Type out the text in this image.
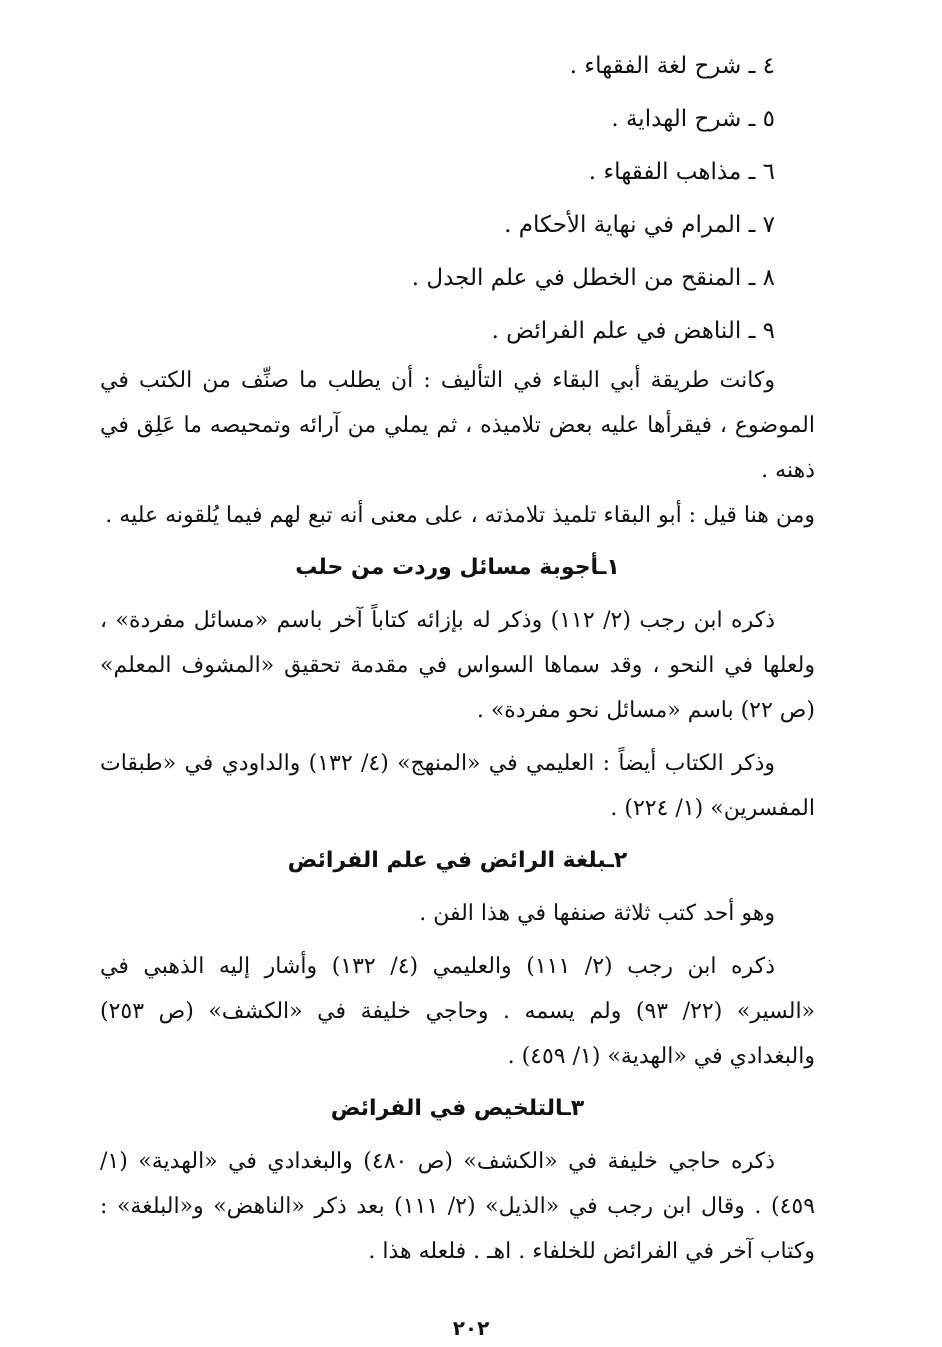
٤ ـ شرح لغة الفقهاء .
٥ ـ شرح الهداية .
٦ ـ مذاهب الفقهاء .
٧ ـ المرام في نهاية الأحكام .
٨ ـ المنقح من الخطل في علم الجدل .
٩ ـ الناهض في علم الفرائض .

وكانت طريقة أبي البقاء في التأليف : أن يطلب ما صنِّف من الكتب في الموضوع ، فيقرأها عليه بعض تلاميذه ، ثم يملي من آرائه وتمحيصه ما عَلِق في ذهنه .

ومن هنا قيل : أبو البقاء تلميذ تلامذته ، على معنى أنه تبع لهم فيما يُلقونه عليه .

١ـأجوبة مسائل وردت من حلب

ذكره ابن رجب (٢/ ١١٢) وذكر له بإزائه كتاباً آخر باسم «مسائل مفردة» ، ولعلها في النحو ، وقد سماها السواس في مقدمة تحقيق «المشوف المعلم» (ص ٢٢) باسم «مسائل نحو مفردة» .

وذكر الكتاب أيضاً : العليمي في «المنهج» (٤/ ١٣٢) والداودي في «طبقات المفسرين» (١/ ٢٢٤) .

٢ـبلغة الرائض في علم الفرائض

وهو أحد كتب ثلاثة صنفها في هذا الفن .

ذكره ابن رجب (٢/ ١١١) والعليمي (٤/ ١٣٢) وأشار إليه الذهبي في «السير» (٢٢/ ٩٣) ولم يسمه . وحاجي خليفة في «الكشف» (ص ٢٥٣) والبغدادي في «الهدية» (١/ ٤٥٩) .

٣ـالتلخيص في الفرائض

ذكره حاجي خليفة في «الكشف» (ص ٤٨٠) والبغدادي في «الهدية» (١/ ٤٥٩) . وقال ابن رجب في «الذيل» (٢/ ١١١) بعد ذكر «الناهض» و«البلغة» : وكتاب آخر في الفرائض للخلفاء . اهـ . فلعله هذا .

٢٠٢
